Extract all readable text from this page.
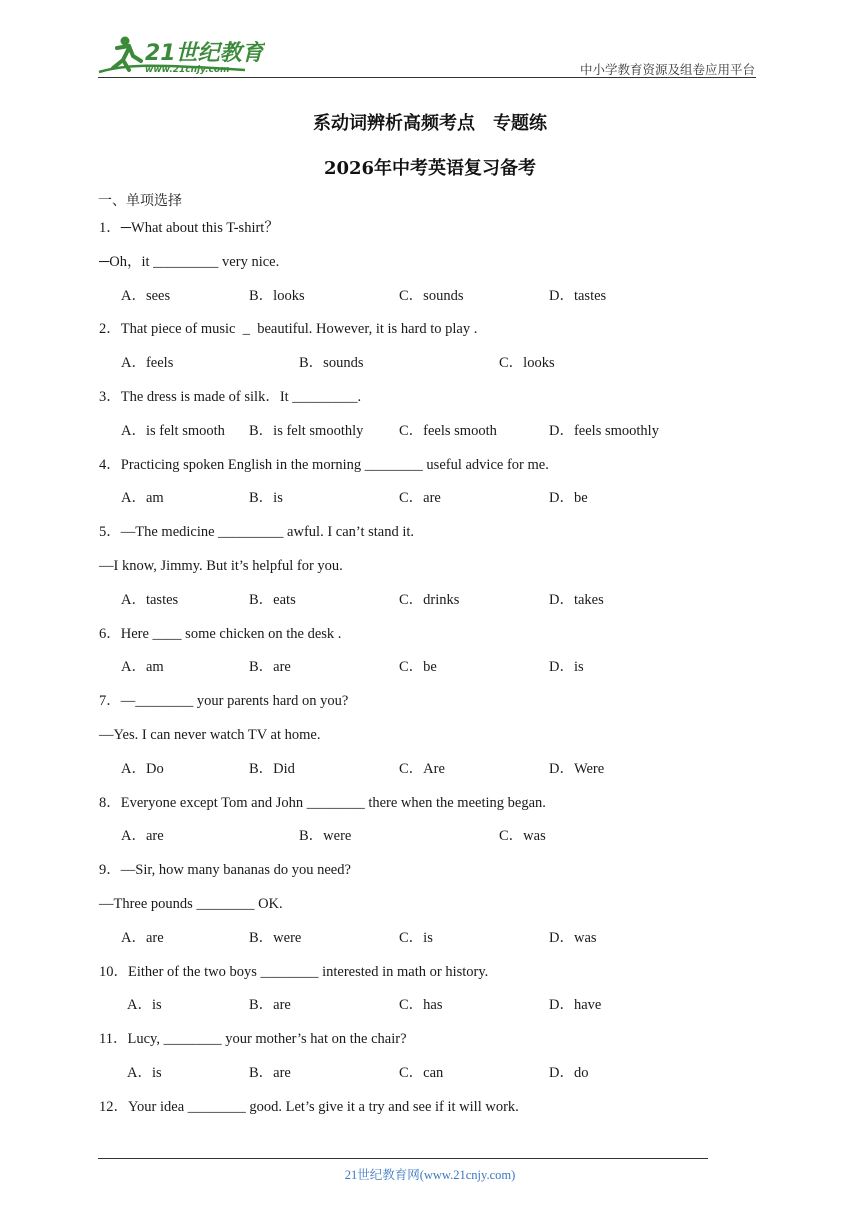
21世纪教育
www.21cnjy.com	中小学教育资源及组卷应用平台
系动词辨析高频考点　专题练
2026年中考英语复习备考
一、单项选择
1．─What about this T-shirt？
─Oh，it _________ very nice.
A．sees	B．looks	C．sounds	D．tastes
2．That piece of music  _  beautiful. However, it is hard to play .
A．feels	B．sounds	C．looks
3．The dress is made of silk．It _________.
A．is felt smooth B．is felt smoothly C．feels smooth	D．feels smoothly
4．Practicing spoken English in the morning ________ useful advice for me.
A．am	B．is	C．are	D．be
5．—The medicine _________ awful. I can’t stand it.
—I know, Jimmy. But it’s helpful for you.
A．tastes	B．eats	C．drinks	D．takes
6．Here ____ some chicken on the desk .
A．am	B．are	C．be	D．is
7．—________ your parents hard on you?
—Yes. I can never watch TV at home.
A．Do	B．Did	C．Are	D．Were
8．Everyone except Tom and John ________ there when the meeting began.
A．are	B．were	C．was
9．—Sir, how many bananas do you need?
—Three pounds ________ OK.
A．are	B．were	C．is	D．was
10．Either of the two boys ________ interested in math or history.
A．is	B．are	C．has	D．have
11．Lucy, ________ your mother’s hat on the chair?
A．is	B．are	C．can	D．do
12．Your idea ________ good. Let’s give it a try and see if it will work.
21世纪教育网(www.21cnjy.com)
